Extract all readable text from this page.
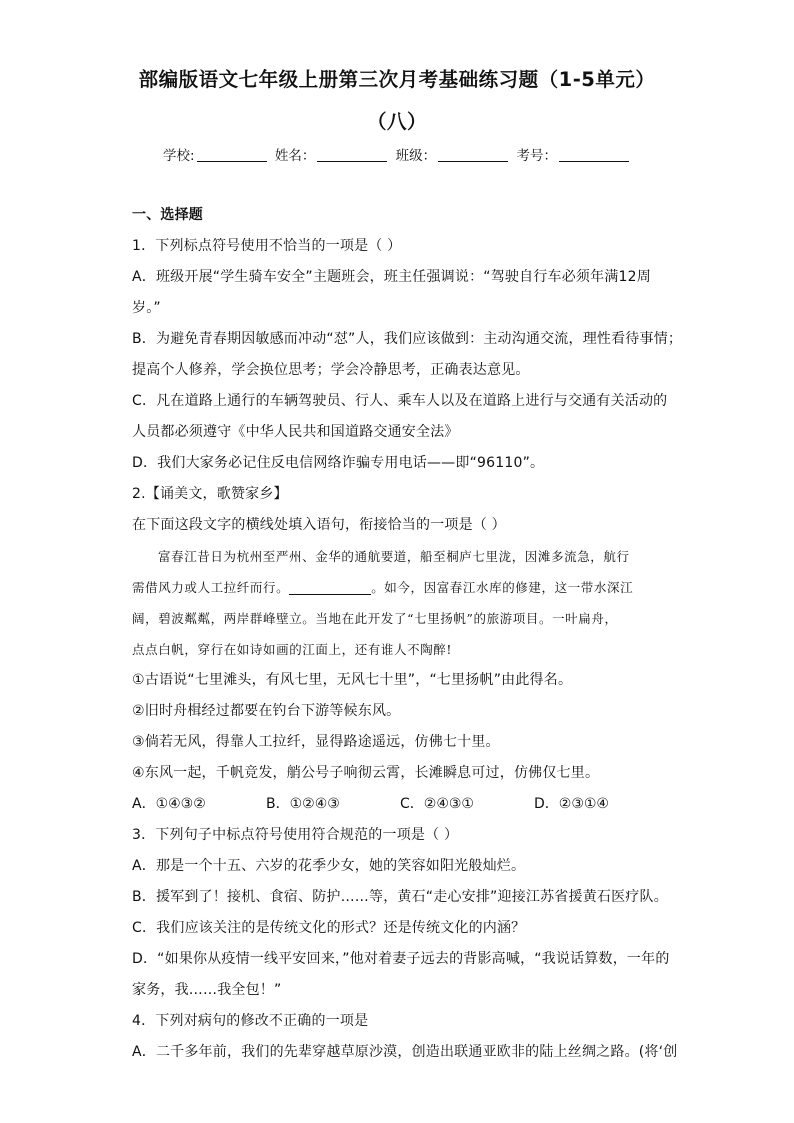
部编版语文七年级上册第三次月考基础练习题（1-5单元）
（八）
学校:	姓名：	班级：	考号：
一、选择题
1．下列标点符号使用不恰当的一项是（ ）
A．班级开展“学生骑车安全”主题班会，班主任强调说：“驾驶自行车必须年满12周
岁。”
B．为避免青春期因敏感而冲动“怼”人，我们应该做到：主动沟通交流，理性看待事情；
提高个人修养，学会换位思考；学会冷静思考，正确表达意见。
C．凡在道路上通行的车辆驾驶员、行人、乘车人以及在道路上进行与交通有关活动的
人员都必须遵守《中华人民共和国道路交通安全法》
D．我们大家务必记住反电信网络诈骗专用电话——即“96110”。
2.【诵美文，歌赞家乡】
在下面这段文字的横线处填入语句，衔接恰当的一项是（ ）
富春江昔日为杭州至严州、金华的通航要道，船至桐庐七里泷，因滩多流急，航行
需借风力或人工拉纤而行。	。如今，因富春江水库的修建，这一带水深江
阔，碧波粼粼，两岸群峰壁立。当地在此开发了“七里扬帆”的旅游项目。一叶扁舟，
点点白帆，穿行在如诗如画的江面上，还有谁人不陶醉!
①古语说“七里滩头，有风七里，无风七十里”，“七里扬帆”由此得名。
②旧时舟楫经过都要在钓台下游等候东风。
③倘若无风，得靠人工拉纤，显得路途遥远，仿佛七十里。
④东风一起，千帆竞发，艄公号子响彻云霄，长滩瞬息可过，仿佛仅七里。
A．①④③②	B．①②④③	C．②④③①	D．②③①④
3．下列句子中标点符号使用符合规范的一项是（ ）
A．那是一个十五、六岁的花季少女，她的笑容如阳光般灿烂。
B．援军到了！接机、食宿、防护……等，黄石“走心安排”迎接江苏省援黄石医疗队。
C．我们应该关注的是传统文化的形式？还是传统文化的内涵？
D．“如果你从疫情一线平安回来，”他对着妻子远去的背影高喊，“我说话算数，一年的
家务，我……我全包！”
4．下列对病句的修改不正确的一项是
A．二千多年前，我们的先辈穿越草原沙漠，创造出联通亚欧非的陆上丝绸之路。(将‘创
